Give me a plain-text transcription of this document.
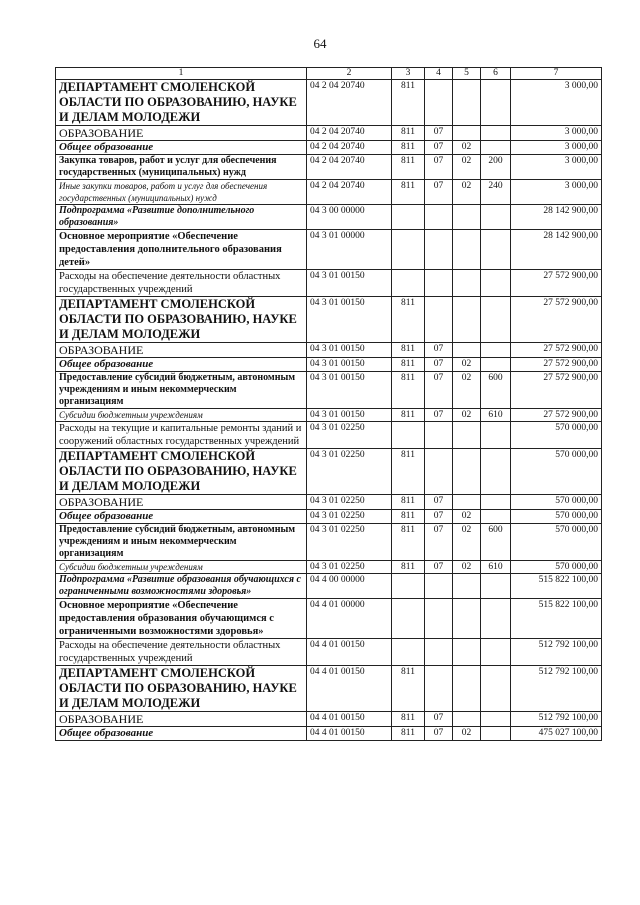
64
1	2	3	4	5	6	7
ДЕПАРТАМЕНТ СМОЛЕНСКОЙ ОБЛАСТИ ПО ОБРАЗОВАНИЮ, НАУКЕ И ДЕЛАМ МОЛОДЕЖИ	04 2 04 20740	811				3 000,00
ОБРАЗОВАНИЕ	04 2 04 20740	811	07			3 000,00
Общее образование	04 2 04 20740	811	07	02		3 000,00
Закупка товаров, работ и услуг для обеспечения государственных (муниципальных) нужд	04 2 04 20740	811	07	02	200	3 000,00
Иные закупки товаров, работ и услуг для обеспечения государственных (муниципальных) нужд	04 2 04 20740	811	07	02	240	3 000,00
Подпрограмма «Развитие дополнительного образования»	04 3 00 00000					28 142 900,00
Основное мероприятие «Обеспечение предоставления дополнительного образования детей»	04 3 01 00000					28 142 900,00
Расходы на обеспечение деятельности областных государственных учреждений	04 3 01 00150					27 572 900,00
ДЕПАРТАМЕНТ СМОЛЕНСКОЙ ОБЛАСТИ ПО ОБРАЗОВАНИЮ, НАУКЕ И ДЕЛАМ МОЛОДЕЖИ	04 3 01 00150	811				27 572 900,00
ОБРАЗОВАНИЕ	04 3 01 00150	811	07			27 572 900,00
Общее образование	04 3 01 00150	811	07	02		27 572 900,00
Предоставление субсидий бюджетным, автономным учреждениям и иным некоммерческим организациям	04 3 01 00150	811	07	02	600	27 572 900,00
Субсидии бюджетным учреждениям	04 3 01 00150	811	07	02	610	27 572 900,00
Расходы на текущие и капитальные ремонты зданий и сооружений областных государственных учреждений	04 3 01 02250					570 000,00
ДЕПАРТАМЕНТ СМОЛЕНСКОЙ ОБЛАСТИ ПО ОБРАЗОВАНИЮ, НАУКЕ И ДЕЛАМ МОЛОДЕЖИ	04 3 01 02250	811				570 000,00
ОБРАЗОВАНИЕ	04 3 01 02250	811	07			570 000,00
Общее образование	04 3 01 02250	811	07	02		570 000,00
Предоставление субсидий бюджетным, автономным учреждениям и иным некоммерческим организациям	04 3 01 02250	811	07	02	600	570 000,00
Субсидии бюджетным учреждениям	04 3 01 02250	811	07	02	610	570 000,00
Подпрограмма «Развитие образования обучающихся с ограниченными возможностями здоровья»	04 4 00 00000					515 822 100,00
Основное мероприятие «Обеспечение предоставления образования обучающимся с ограниченными возможностями здоровья»	04 4 01 00000					515 822 100,00
Расходы на обеспечение деятельности областных государственных учреждений	04 4 01 00150					512 792 100,00
ДЕПАРТАМЕНТ СМОЛЕНСКОЙ ОБЛАСТИ ПО ОБРАЗОВАНИЮ, НАУКЕ И ДЕЛАМ МОЛОДЕЖИ	04 4 01 00150	811				512 792 100,00
ОБРАЗОВАНИЕ	04 4 01 00150	811	07			512 792 100,00
Общее образование	04 4 01 00150	811	07	02		475 027 100,00
